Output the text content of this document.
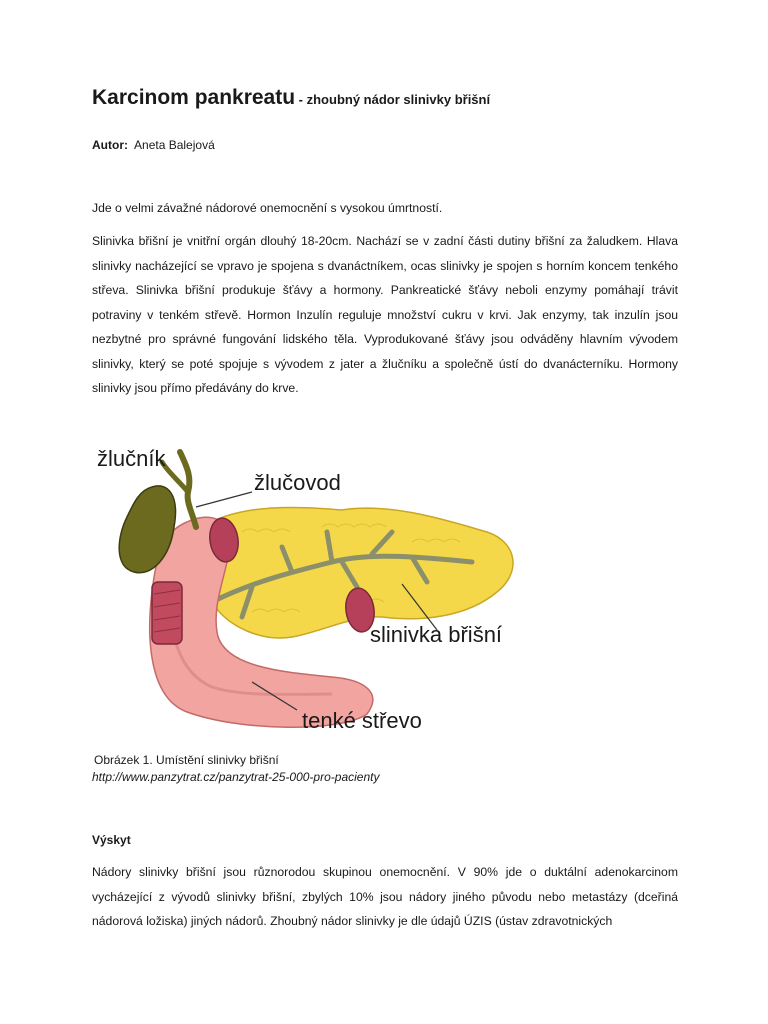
Karcinom pankreatu - zhoubný nádor slinivky břišní
Autor: Aneta Balejová

Jde o velmi závažné nádorové onemocnění s vysokou úmrtností.

Slinivka břišní je vnitřní orgán dlouhý 18-20cm. Nachází se v zadní části dutiny břišní za žaludkem. Hlava slinivky nacházející se vpravo je spojena s dvanáctníkem, ocas slinivky je spojen s horním koncem tenkého střeva. Slinivka břišní produkuje šťávy a hormony. Pankreatické šťávy neboli enzymy pomáhají trávit potraviny v tenkém střevě. Hormon Inzulín reguluje množství cukru v krvi. Jak enzymy, tak inzulín jsou nezbytné pro správné fungování lidského těla. Vyprodukované šťávy jsou odváděny hlavním vývodem slinivky, který se poté spojuje s vývodem z jater a žlučníku a společně ústí do dvanácterníku. Hormony slinivky jsou přímo předávány do krve.

žlučník
žlučovod
slinivka břišní
tenké střevo
Obrázek 1. Umístění slinivky břišní
http://www.panzytrat.cz/panzytrat-25-000-pro-pacienty
Výskyt

Nádory slinivky břišní jsou různorodou skupinou onemocnění. V 90% jde o duktální adenokarcinom vycházející z vývodů slinivky břišní, zbylých 10% jsou nádory jiného původu nebo metastázy (dceřiná nádorová ložiska) jiných nádorů. Zhoubný nádor slinivky je dle údajů ÚZIS (ústav zdravotnických
